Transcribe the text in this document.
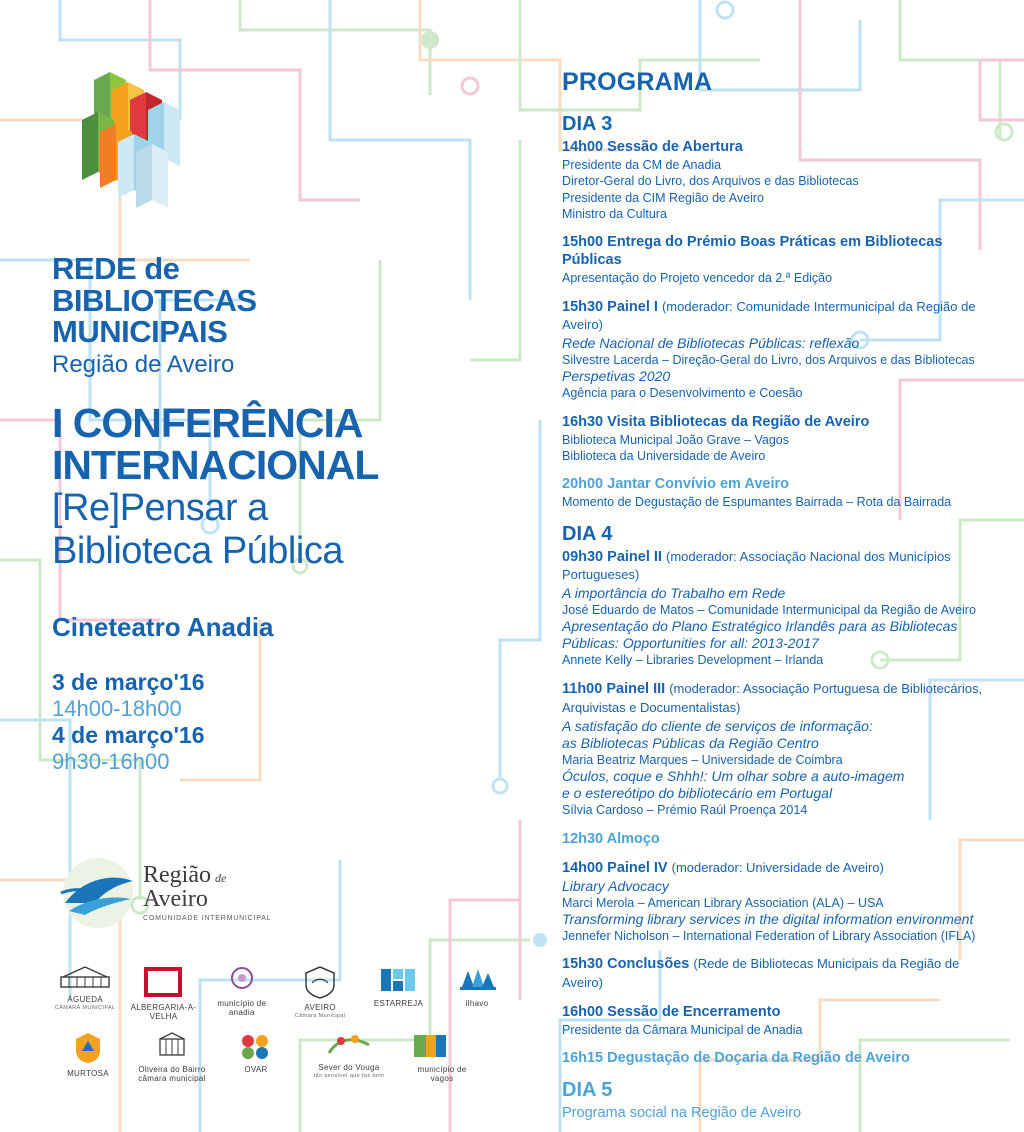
REDE de
BIBLIOTECAS
MUNICIPAIS
Região de Aveiro
I CONFERÊNCIA
INTERNACIONAL
[Re]Pensar a
Biblioteca Pública
Cineteatro Anadia
3 de março'16
14h00-18h00
4 de março'16
9h30-16h00
Região de
Aveiro
COMUNIDADE INTERMUNICIPAL
ÁGUEDA
CÂMARA MUNICIPAL	ALBERGARIA-A-VELHA
município de anadia
AVEIRO
Câmara Municipal
ESTARREJA	ílhavo
MURTOSA	Oliveira do Bairro câmara municipal
OVAR	Sever do Vouga
tão sensível que faz bem
município de vagos
PROGRAMA
DIA 3
14h00 Sessão de Abertura
Presidente da CM de Anadia
Diretor-Geral do Livro, dos Arquivos e das Bibliotecas
Presidente da CIM Região de Aveiro
Ministro da Cultura
15h00 Entrega do Prémio Boas Práticas em Bibliotecas Públicas
Apresentação do Projeto vencedor da 2.ª Edição
15h30 Painel I (moderador: Comunidade Intermunicipal da Região de Aveiro)
Rede Nacional de Bibliotecas Públicas: reflexão
Silvestre Lacerda – Direção-Geral do Livro, dos Arquivos e das Bibliotecas
Perspetivas 2020
Agência para o Desenvolvimento e Coesão
16h30 Visita Bibliotecas da Região de Aveiro
Biblioteca Municipal João Grave – Vagos
Biblioteca da Universidade de Aveiro
20h00 Jantar Convívio em Aveiro
Momento de Degustação de Espumantes Bairrada – Rota da Bairrada
DIA 4
09h30 Painel II (moderador: Associação Nacional dos Municípios Portugueses)
A importância do Trabalho em Rede
José Eduardo de Matos – Comunidade Intermunicipal da Região de Aveiro
Apresentação do Plano Estratégico Irlandês para as Bibliotecas
Públicas: Opportunities for all: 2013-2017
Annete Kelly – Libraries Development – Irlanda
11h00 Painel III (moderador: Associação Portuguesa de Bibliotecários,
Arquivistas e Documentalistas)
A satisfação do cliente de serviços de informação:
as Bibliotecas Públicas da Região Centro
Maria Beatriz Marques – Universidade de Coimbra
Óculos, coque e Shhh!: Um olhar sobre a auto-imagem
e o estereótipo do bibliotecário em Portugal
Sílvia Cardoso – Prémio Raúl Proença 2014
12h30 Almoço
14h00 Painel IV (moderador: Universidade de Aveiro)
Library Advocacy
Marci Merola – American Library Association (ALA) – USA
Transforming library services in the digital information environment
Jennefer Nicholson – International Federation of Library Association (IFLA)
15h30 Conclusões (Rede de Bibliotecas Municipais da Região de Aveiro)
16h00 Sessão de Encerramento
Presidente da Câmara Municipal de Anadia
16h15 Degustação de Doçaria da Região de Aveiro
DIA 5
Programa social na Região de Aveiro
